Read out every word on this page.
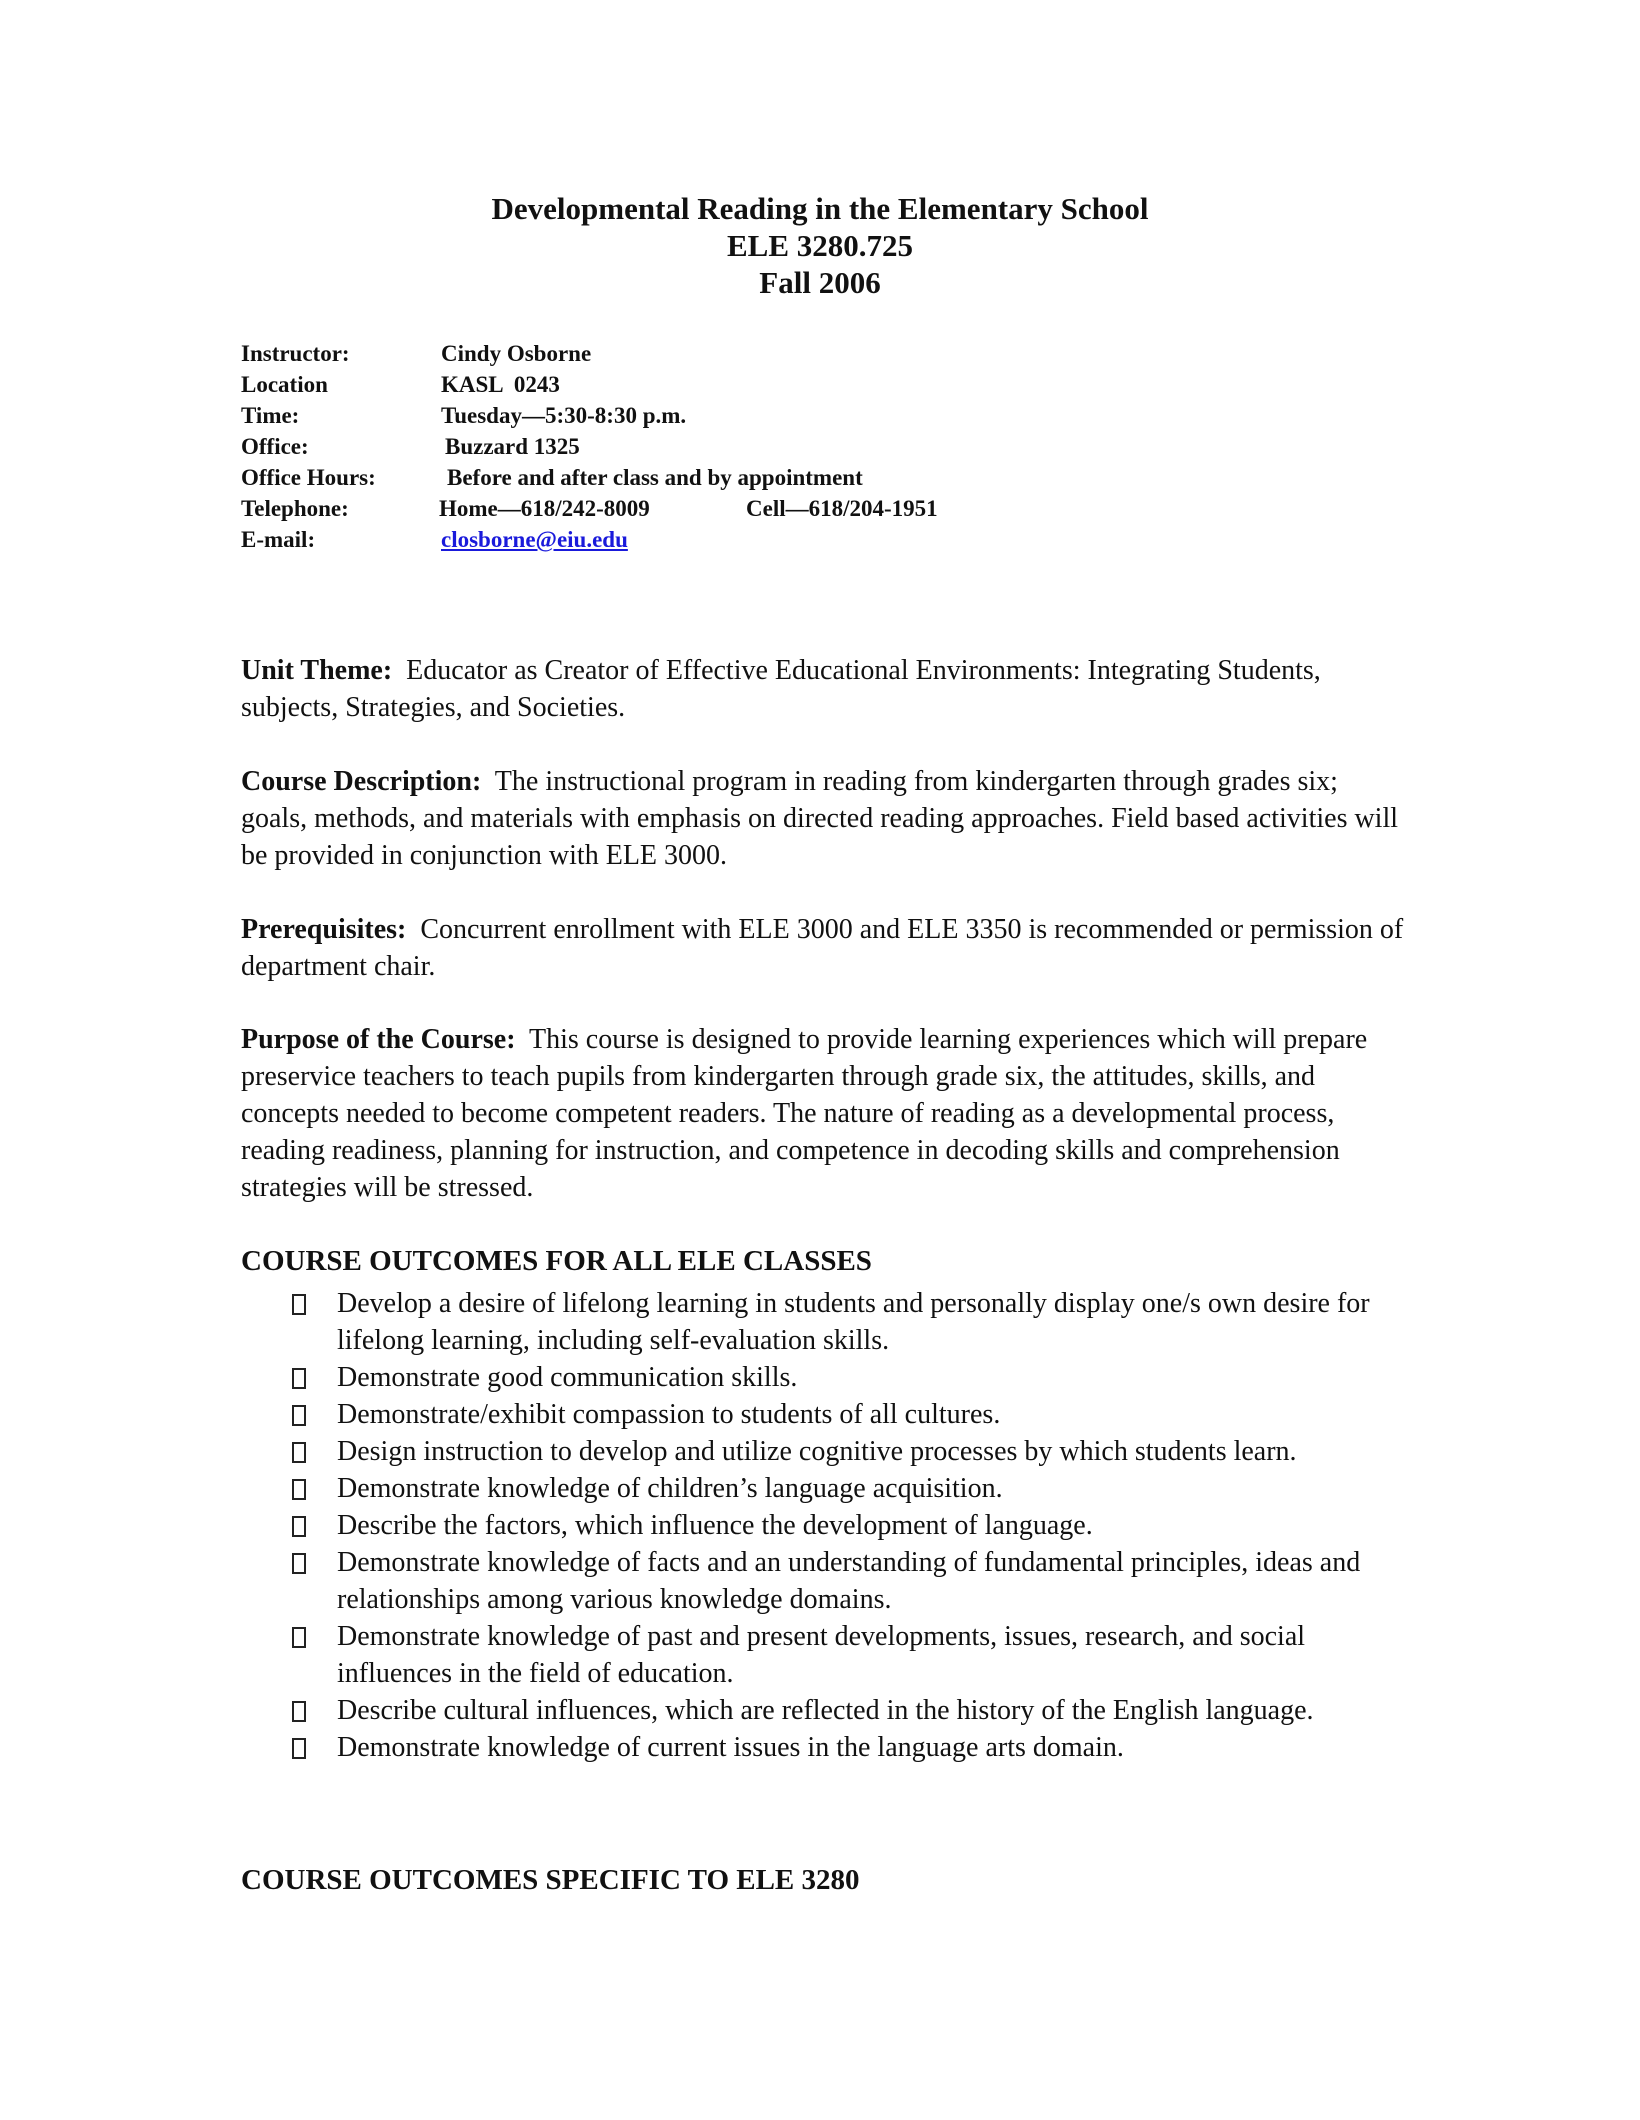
Developmental Reading in the Elementary School
ELE 3280.725
Fall 2006
Instructor:	Cindy Osborne
Location	KASL  0243
Time:	Tuesday—5:30-8:30 p.m.
Office:	Buzzard 1325
Office Hours:	Before and after class and by appointment
Telephone:	Home—618/242-8009	Cell—618/204-1951
E-mail:	closborne@eiu.edu

Unit Theme: Educator as Creator of Effective Educational Environments: Integrating Students, subjects, Strategies, and Societies.

Course Description: The instructional program in reading from kindergarten through grades six; goals, methods, and materials with emphasis on directed reading approaches. Field based activities will be provided in conjunction with ELE 3000.

Prerequisites: Concurrent enrollment with ELE 3000 and ELE 3350 is recommended or permission of department chair.

Purpose of the Course: This course is designed to provide learning experiences which will prepare preservice teachers to teach pupils from kindergarten through grade six, the attitudes, skills, and concepts needed to become competent readers. The nature of reading as a developmental process, reading readiness, planning for instruction, and competence in decoding skills and comprehension strategies will be stressed.

COURSE OUTCOMES FOR ALL ELE CLASSES
Develop a desire of lifelong learning in students and personally display one/s own desire for lifelong learning, including self-evaluation skills.
Demonstrate good communication skills.
Demonstrate/exhibit compassion to students of all cultures.
Design instruction to develop and utilize cognitive processes by which students learn.
Demonstrate knowledge of children’s language acquisition.
Describe the factors, which influence the development of language.
Demonstrate knowledge of facts and an understanding of fundamental principles, ideas and relationships among various knowledge domains.
Demonstrate knowledge of past and present developments, issues, research, and social influences in the field of education.
Describe cultural influences, which are reflected in the history of the English language.
Demonstrate knowledge of current issues in the language arts domain.
COURSE OUTCOMES SPECIFIC TO ELE 3280
